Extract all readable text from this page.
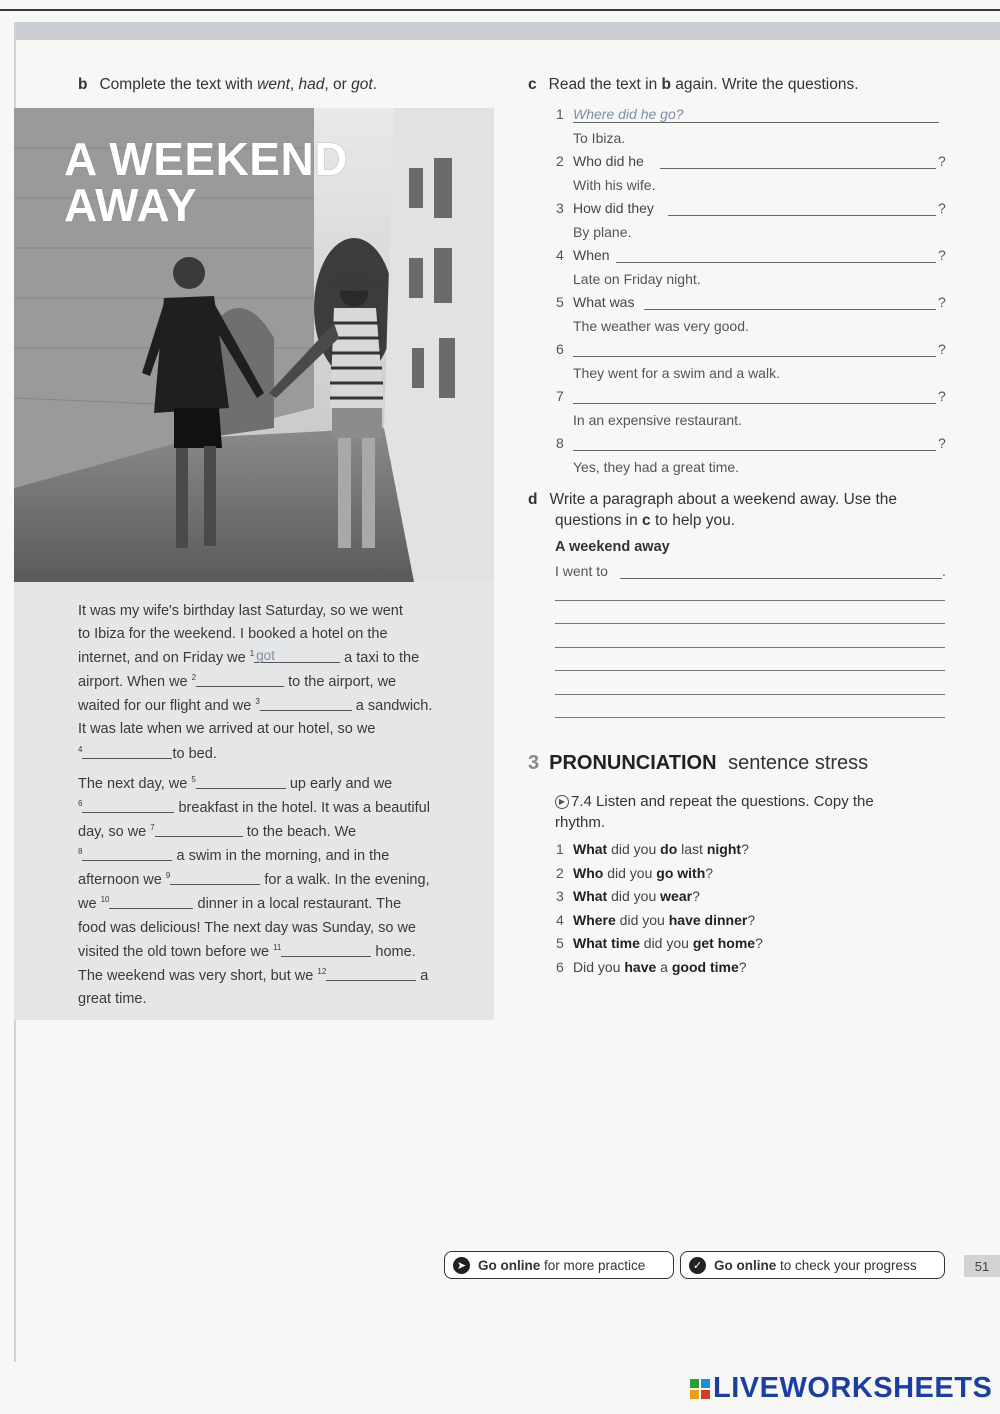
b Complete the text with went, had, or got.
A WEEKEND
AWAY
It was my wife's birthday last Saturday, so we went
to Ibiza for the weekend. I booked a hotel on the
internet, and on Friday we $^1$ got	a taxi to the
airport. When we $^2$	to the airport, we
waited for our flight and we $^3$	a sandwich.
It was late when we arrived at our hotel, so we
$^4$	to bed.
The next day, we $^5$	up early and we
$^6$	breakfast in the hotel. It was a beautiful
day, so we $^7$	to the beach. We
$^8$	a swim in the morning, and in the
afternoon we $^9$	for a walk. In the evening,
we $^{10}$	dinner in a local restaurant. The
food was delicious! The next day was Sunday, so we
visited the old town before we $^{11}$	home.
The weekend was very short, but we $^{12}$	a
great time.
c Read the text in b again. Write the questions.
1 Where did he go?
To Ibiza.
2 Who did he	?
With his wife.
3 How did they	?
By plane.
4 When	?
Late on Friday night.
5 What was	?
The weather was very good.
6	?
They went for a swim and a walk.
7	?
In an expensive restaurant.
8	?
Yes, they had a great time.
d Write a paragraph about a weekend away. Use the
questions in c to help you.
A weekend away
I went to	.
3 PRONUNCIATION sentence stress
▶ 7.4 Listen and repeat the questions. Copy the
rhythm.
1 What did you do last night?
2 Who did you go with?
3 What did you wear?
4 Where did you have dinner?
5 What time did you get home?
6 Did you have a good time?
➤ Go online for more practice	✓ Go online to check your progress	51
LIVEWORKSHEETS
